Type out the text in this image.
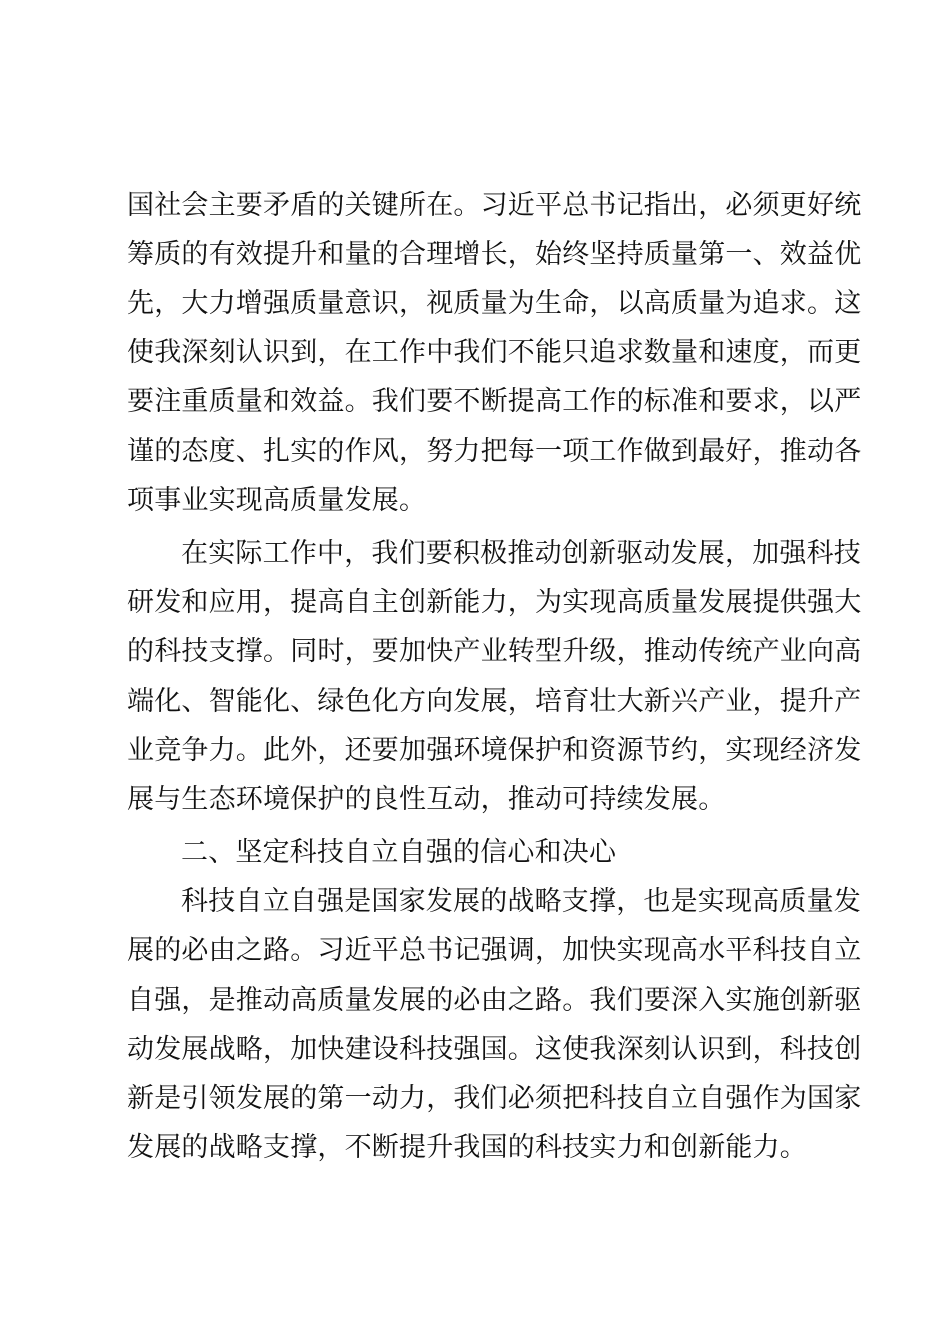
国社会主要矛盾的关键所在。习近平总书记指出，必须更好统
筹质的有效提升和量的合理增长，始终坚持质量第一、效益优
先，大力增强质量意识，视质量为生命，以高质量为追求。这
使我深刻认识到，在工作中我们不能只追求数量和速度，而更
要注重质量和效益。我们要不断提高工作的标准和要求，以严
谨的态度、扎实的作风，努力把每一项工作做到最好，推动各
项事业实现高质量发展。
在实际工作中，我们要积极推动创新驱动发展，加强科技
研发和应用，提高自主创新能力，为实现高质量发展提供强大
的科技支撑。同时，要加快产业转型升级，推动传统产业向高
端化、智能化、绿色化方向发展，培育壮大新兴产业，提升产
业竞争力。此外，还要加强环境保护和资源节约，实现经济发
展与生态环境保护的良性互动，推动可持续发展。
二、坚定科技自立自强的信心和决心
科技自立自强是国家发展的战略支撑，也是实现高质量发
展的必由之路。习近平总书记强调，加快实现高水平科技自立
自强，是推动高质量发展的必由之路。我们要深入实施创新驱
动发展战略，加快建设科技强国。这使我深刻认识到，科技创
新是引领发展的第一动力，我们必须把科技自立自强作为国家
发展的战略支撑，不断提升我国的科技实力和创新能力。
